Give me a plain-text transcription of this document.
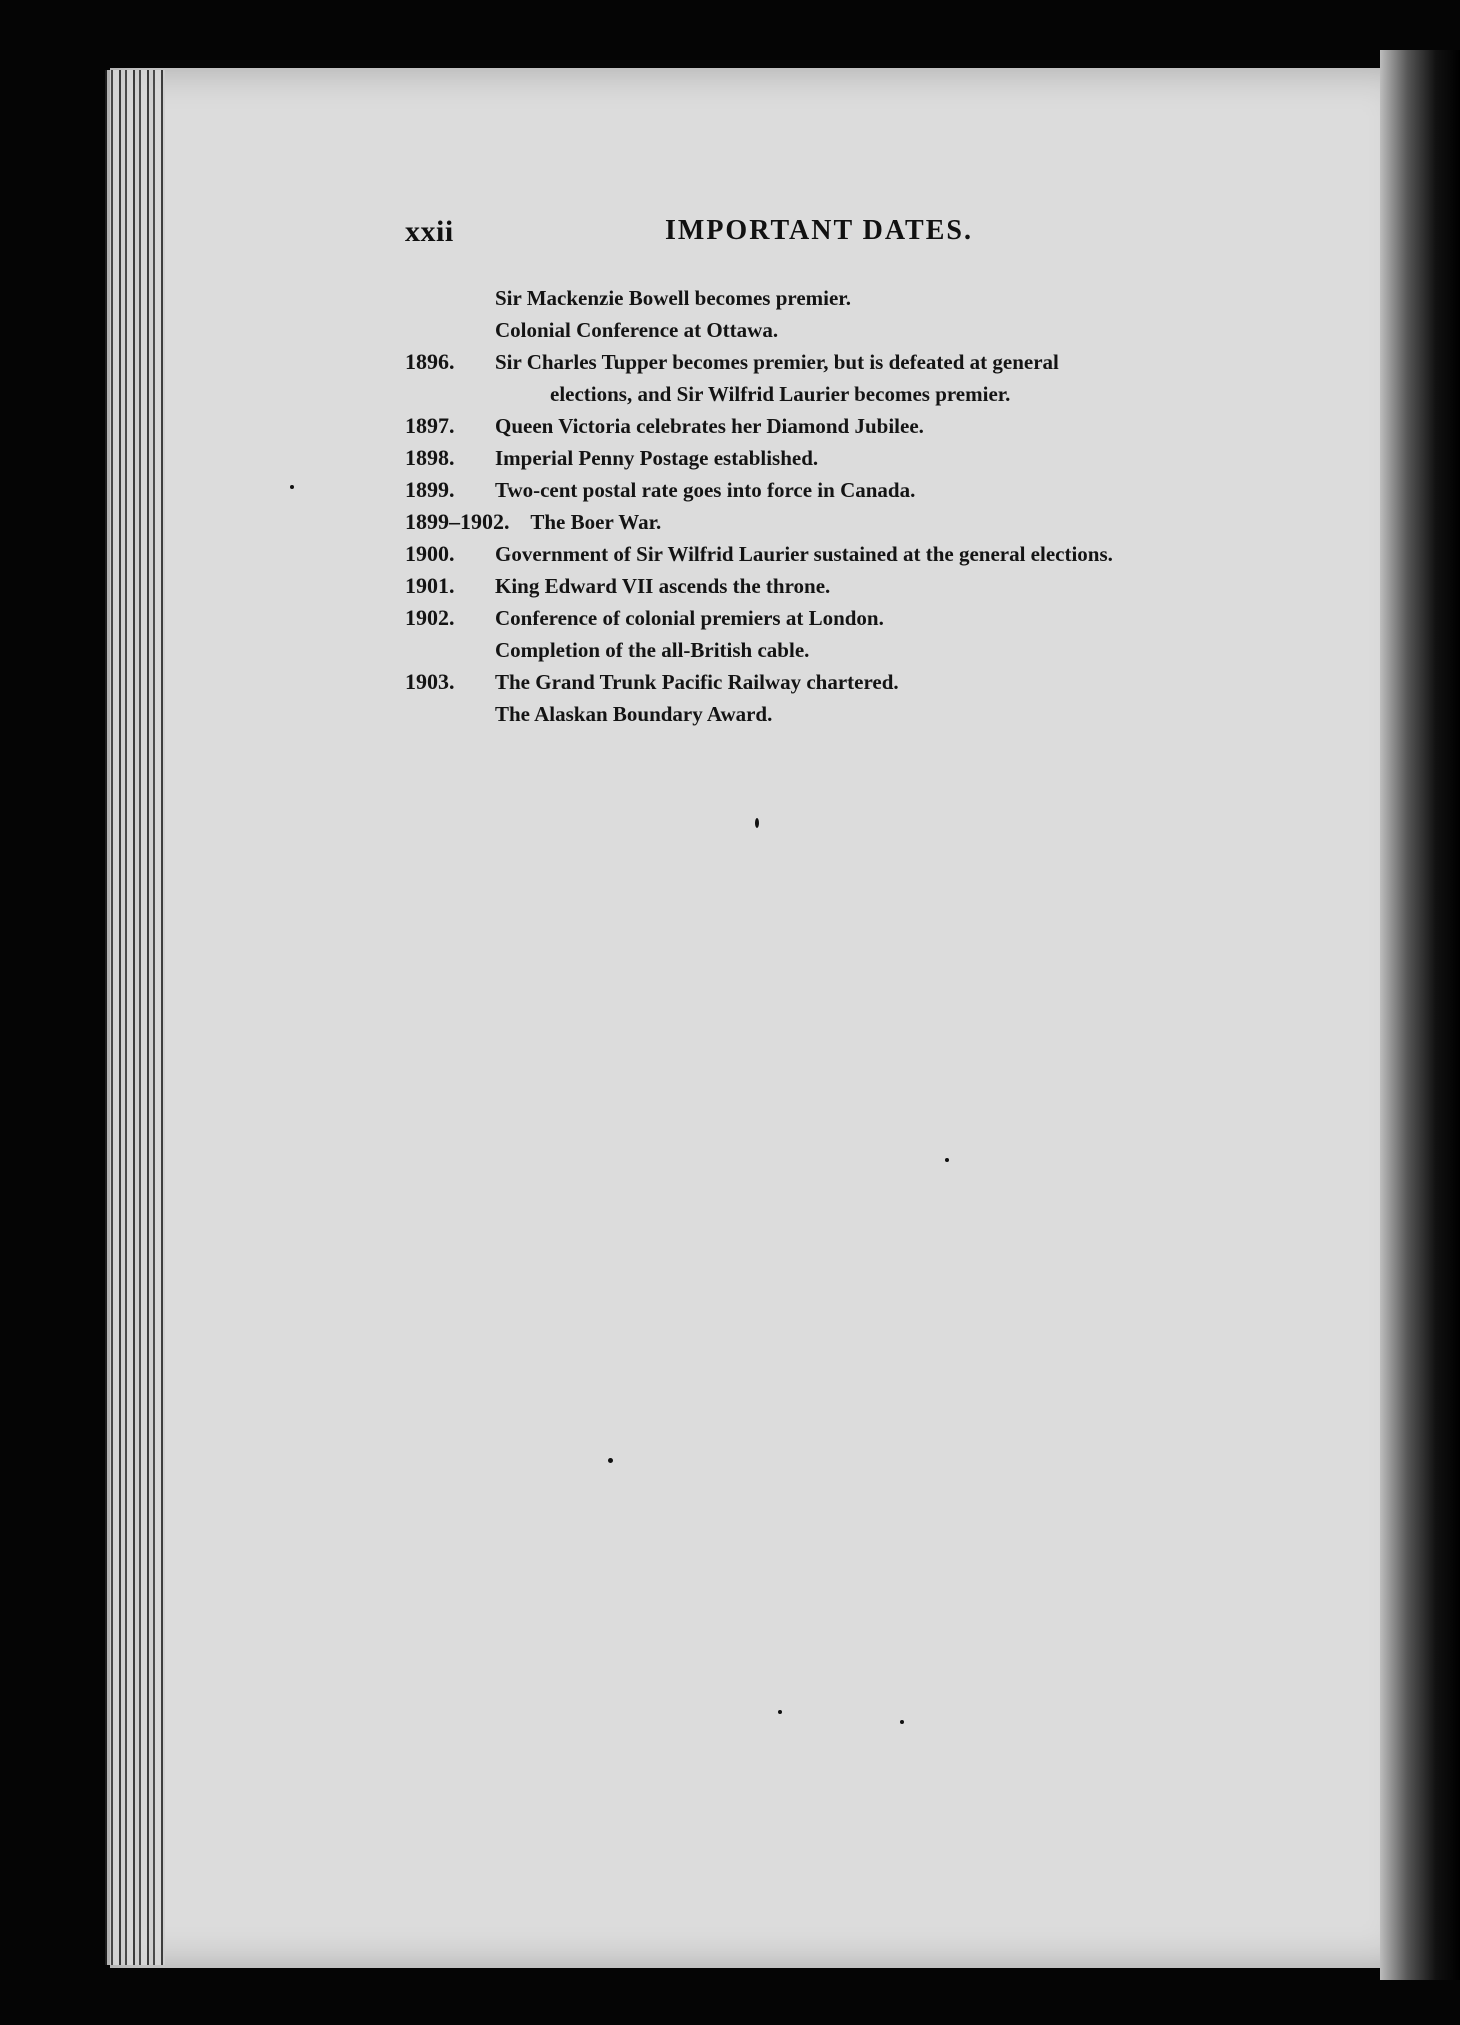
xxii	IMPORTANT DATES.
Sir Mackenzie Bowell becomes premier.
Colonial Conference at Ottawa.
1896. Sir Charles Tupper becomes premier, but is defeated at general
elections, and Sir Wilfrid Laurier becomes premier.
1897. Queen Victoria celebrates her Diamond Jubilee.
1898. Imperial Penny Postage established.
1899. Two-cent postal rate goes into force in Canada.
1899–1902. The Boer War.
1900. Government of Sir Wilfrid Laurier sustained at the general elections.
1901. King Edward VII ascends the throne.
1902. Conference of colonial premiers at London.
Completion of the all-British cable.
1903. The Grand Trunk Pacific Railway chartered.
The Alaskan Boundary Award.
